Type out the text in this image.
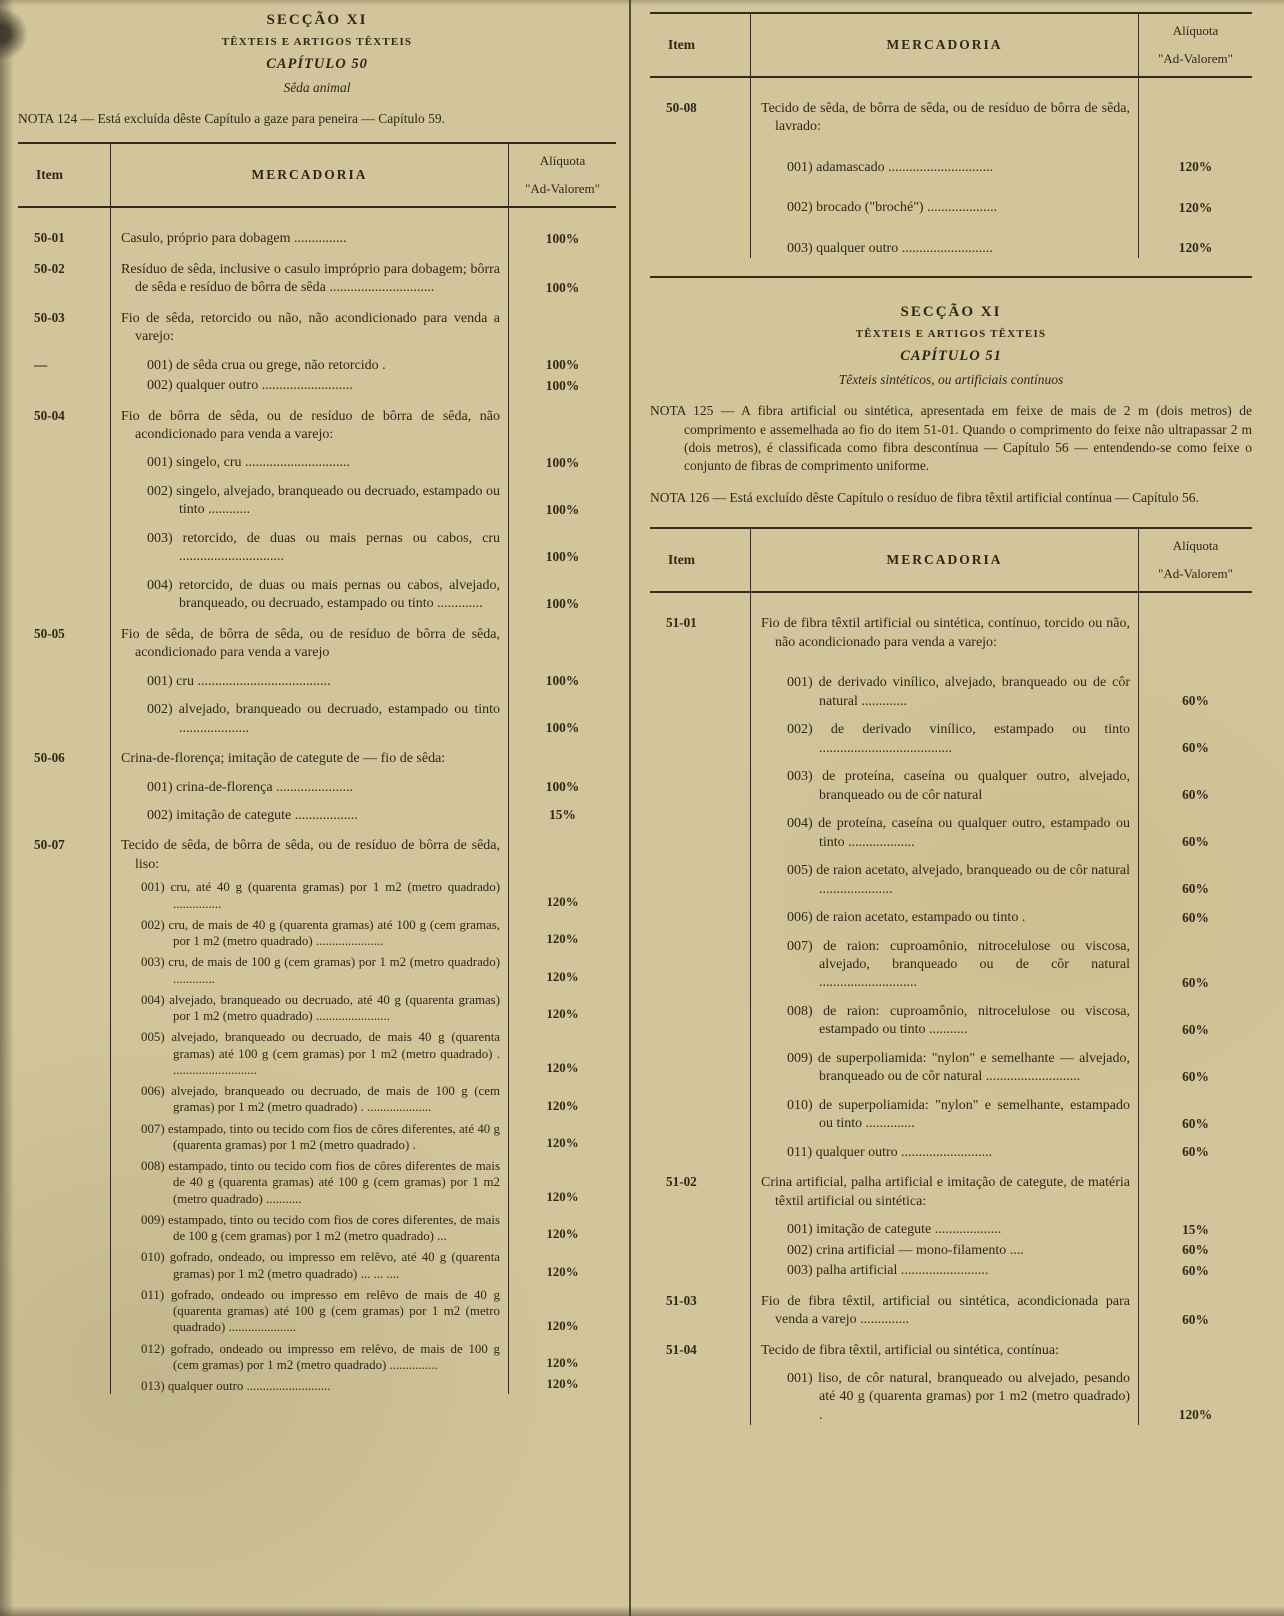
SECÇÃO XI
TÊXTEIS E ARTIGOS TÊXTEIS
CAPÍTULO 50
Sêda animal

NOTA 124 — Está excluída dêste Capítulo a gaze para peneira — Capítulo 59.

Item	MERCADORIA
Alíquota
"Ad-Valorem"
50-01	Casulo, próprio para dobagem ...............	100%
50-02	Resíduo de sêda, inclusive o casulo impróprio para dobagem; bôrra de sêda e resíduo de bôrra de sêda ..............................	100%
50-03	Fio de sêda, retorcido ou não, não acondicionado para venda a varejo:
—	001) de sêda crua ou grege, não retorcido .	100%
002) qualquer outro ..........................	100%
50-04	Fio de bôrra de sêda, ou de resíduo de bôrra de sêda, não acondicionado para venda a varejo:
001) singelo, cru ..............................	100%
002) singelo, alvejado, branqueado ou decruado, estampado ou tinto ............	100%
003) retorcido, de duas ou mais pernas ou cabos, cru ..............................	100%
004) retorcido, de duas ou mais pernas ou cabos, alvejado, branqueado, ou decruado, estampado ou tinto .............	100%
50-05	Fio de sêda, de bôrra de sêda, ou de resíduo de bôrra de sêda, acondicionado para venda a varejo
001) cru ......................................	100%
002) alvejado, branqueado ou decruado, estampado ou tinto ....................	100%
50-06	Crina-de-florença; imitação de categute de — fio de sêda:
001) crina-de-florença ......................	100%
002) imitação de categute ..................	15%
50-07	Tecido de sêda, de bôrra de sêda, ou de resíduo de bôrra de sêda, liso:
001) cru, até 40 g (quarenta gramas) por 1 m2 (metro quadrado) ...............	120%
002) cru, de mais de 40 g (quarenta gramas) até 100 g (cem gramas, por 1 m2 (metro quadrado) .....................	120%
003) cru, de mais de 100 g (cem gramas) por 1 m2 (metro quadrado) .............	120%
004) alvejado, branqueado ou decruado, até 40 g (quarenta gramas) por 1 m2 (metro quadrado) .......................	120%
005) alvejado, branqueado ou decruado, de mais 40 g (quarenta gramas) até 100 g (cem gramas) por 1 m2 (metro quadrado) . ..........................	120%
006) alvejado, branqueado ou decruado, de mais de 100 g (cem gramas) por 1 m2 (metro quadrado) . ....................	120%
007) estampado, tinto ou tecido com fios de côres diferentes, até 40 g (quarenta gramas) por 1 m2 (metro quadrado) .	120%
008) estampado, tinto ou tecido com fios de côres diferentes de mais de 40 g (quarenta gramas) até 100 g (cem gramas) por 1 m2 (metro quadrado) ...........	120%
009) estampado, tinto ou tecido com fios de cores diferentes, de mais de 100 g (cem gramas) por 1 m2 (metro quadrado) ...	120%
010) gofrado, ondeado, ou impresso em relêvo, até 40 g (quarenta gramas) por 1 m2 (metro quadrado) ... ... ....	120%
011) gofrado, ondeado ou impresso em relêvo de mais de 40 g (quarenta gramas) até 100 g (cem gramas) por 1 m2 (metro quadrado) .....................	120%
012) gofrado, ondeado ou impresso em relêvo, de mais de 100 g (cem gramas) por 1 m2 (metro quadrado) ...............	120%
013) qualquer outro ..........................	120%
Item	MERCADORIA
Alíquota
"Ad-Valorem"
50-08	Tecido de sêda, de bôrra de sêda, ou de resíduo de bôrra de sêda, lavrado:
001) adamascado ..............................	120%
002) brocado ("broché") ....................	120%
003) qualquer outro ..........................	120%
SECÇÃO XI
TÊXTEIS E ARTIGOS TÊXTEIS
CAPÍTULO 51
Têxteis sintéticos, ou artificiais contínuos

NOTA 125 — A fibra artificial ou sintética, apresentada em feixe de mais de 2 m (dois metros) de comprimento e assemelhada ao fio do item 51-01. Quando o comprimento do feixe não ultrapassar 2 m (dois metros), é classificada como fibra descontínua — Capítulo 56 — entendendo-se como feixe o conjunto de fibras de comprimento uniforme.

NOTA 126 — Está excluído dêste Capítulo o resíduo de fibra têxtil artificial contínua — Capítulo 56.

Item	MERCADORIA
Alíquota
"Ad-Valorem"
51-01	Fio de fibra têxtil artificial ou sintética, contínuo, torcido ou não, não acondicionado para venda a varejo:
001) de derivado vinílico, alvejado, branqueado ou de côr natural .............	60%
002) de derivado vinílico, estampado ou tinto ......................................	60%
003) de proteína, caseína ou qualquer outro, alvejado, branqueado ou de côr natural	60%
004) de proteína, caseína ou qualquer outro, estampado ou tinto ...................	60%
005) de raion acetato, alvejado, branqueado ou de côr natural .....................	60%
006) de raion acetato, estampado ou tinto .	60%
007) de raion: cuproamônio, nitrocelulose ou viscosa, alvejado, branqueado ou de côr natural ............................	60%
008) de raion: cuproamônio, nitrocelulose ou viscosa, estampado ou tinto ...........	60%
009) de superpoliamida: "nylon" e semelhante — alvejado, branqueado ou de côr natural ...........................	60%
010) de superpoliamida: "nylon" e semelhante, estampado ou tinto ..............	60%
011) qualquer outro ..........................	60%
51-02	Crina artificial, palha artificial e imitação de categute, de matéria têxtil artificial ou sintética:
001) imitação de categute ...................	15%
002) crina artificial — mono-filamento ....	60%
003) palha artificial .........................	60%
51-03	Fio de fibra têxtil, artificial ou sintética, acondicionada para venda a varejo ..............	60%
51-04	Tecido de fibra têxtil, artificial ou sintética, contínua:
001) liso, de côr natural, branqueado ou alvejado, pesando até 40 g (quarenta gramas) por 1 m2 (metro quadrado) .	120%
